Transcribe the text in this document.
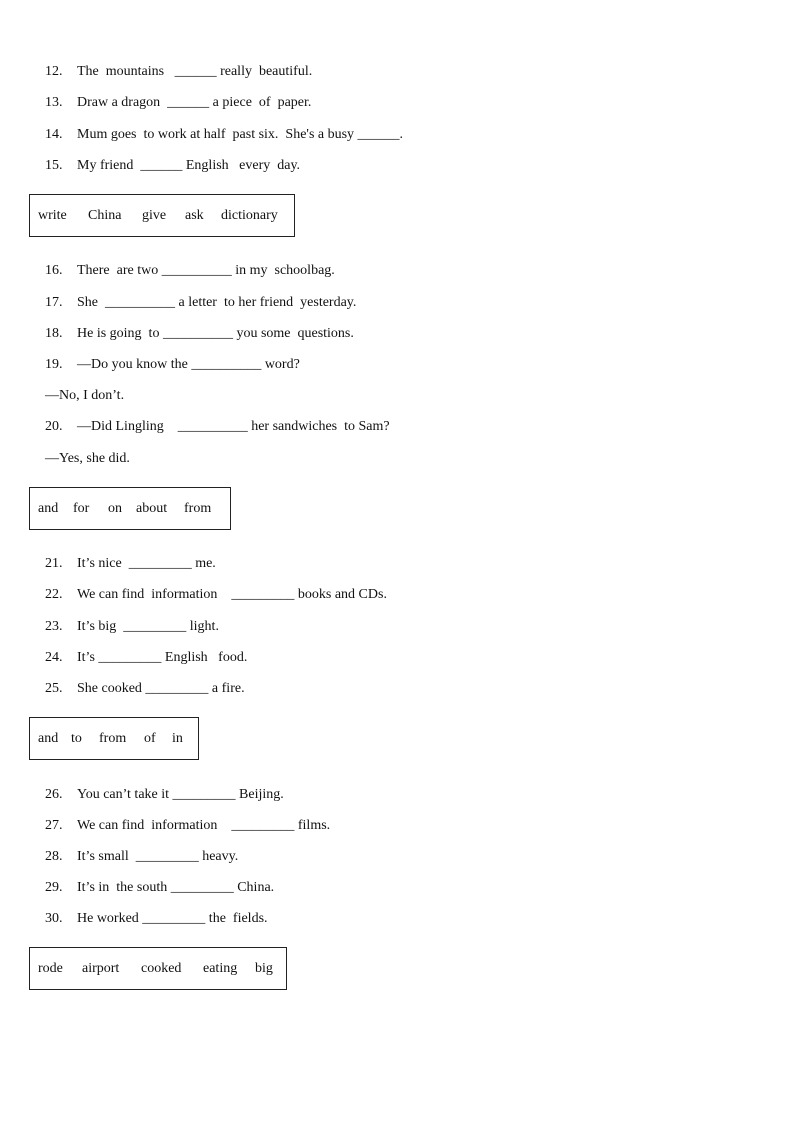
12. The  mountains   ______ really  beautiful.

13. Draw a dragon  ______ a piece  of  paper.

14. Mum goes  to work at half  past six.  She's a busy ______.

15. My friend  ______ English   every  day.

write	China	give	ask	dictionary

16. There  are two __________ in my  schoolbag.

17. She  __________ a letter  to her friend  yesterday.

18. He is going  to __________ you some  questions.

19. —Do you know the __________ word?

—No, I don’t.

20. —Did Lingling    __________ her sandwiches  to Sam?

—Yes, she did.

and	for	on	about	from

21. It’s nice  _________ me.

22. We can find  information    _________ books and CDs.

23. It’s big  _________ light.

24. It’s _________ English   food.

25. She cooked _________ a fire.

and to	from	of	in

26. You can’t take it _________ Beijing.

27. We can find  information    _________ films.

28. It’s small  _________ heavy.

29. It’s in  the south _________ China.

30. He worked _________ the  fields.

rode	airport	cooked	eating	big
